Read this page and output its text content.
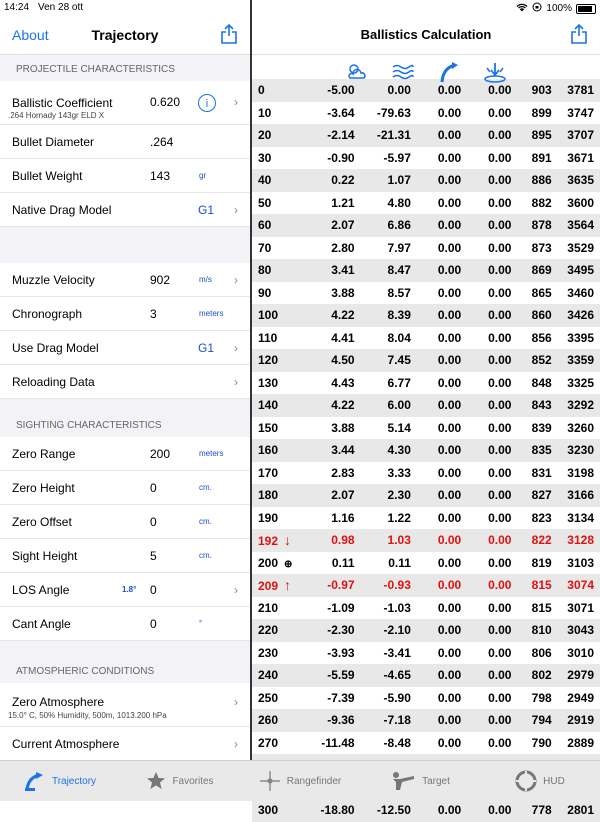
14:24 Ven 28 ott	100%
About	Trajectory
PROJECTILE CHARACTERISTICS
Ballistic Coefficient
.264 Hornady 143gr ELD X
0.620	i	›
Bullet Diameter	.264
Bullet Weight	143	gr
Native Drag Model	G1 ›
Muzzle Velocity	902	m/s ›
Chronograph	3	meters
Use Drag Model	G1 ›
Reloading Data	›
SIGHTING CHARACTERISTICS
Zero Range	200	meters
Zero Height	0	cm.
Zero Offset	0	cm.
Sight Height	5	cm.
LOS Angle	1.8° 0	›
Cant Angle	0	°
ATMOSPHERIC CONDITIONS
Zero Atmosphere
15.0° C, 50% Humidity, 500m, 1013.200 hPa
›
Current Atmosphere	›
Ballistics Calculation
0	-5.00	0.00	0.00	0.00	903	3781
10	-3.64	-79.63	0.00	0.00	899	3747
20	-2.14	-21.31	0.00	0.00	895	3707
30	-0.90	-5.97	0.00	0.00	891	3671
40	0.22	1.07	0.00	0.00	886	3635
50	1.21	4.80	0.00	0.00	882	3600
60	2.07	6.86	0.00	0.00	878	3564
70	2.80	7.97	0.00	0.00	873	3529
80	3.41	8.47	0.00	0.00	869	3495
90	3.88	8.57	0.00	0.00	865	3460
100	4.22	8.39	0.00	0.00	860	3426
110	4.41	8.04	0.00	0.00	856	3395
120	4.50	7.45	0.00	0.00	852	3359
130	4.43	6.77	0.00	0.00	848	3325
140	4.22	6.00	0.00	0.00	843	3292
150	3.88	5.14	0.00	0.00	839	3260
160	3.44	4.30	0.00	0.00	835	3230
170	2.83	3.33	0.00	0.00	831	3198
180	2.07	2.30	0.00	0.00	827	3166
190	1.16	1.22	0.00	0.00	823	3134
192 ↓	0.98	1.03	0.00	0.00	822	3128
200 ⊕	0.11	0.11	0.00	0.00	819	3103
209 ↑	-0.97	-0.93	0.00	0.00	815	3074
210	-1.09	-1.03	0.00	0.00	815	3071
220	-2.30	-2.10	0.00	0.00	810	3043
230	-3.93	-3.41	0.00	0.00	806	3010
240	-5.59	-4.65	0.00	0.00	802	2979
250	-7.39	-5.90	0.00	0.00	798	2949
260	-9.36	-7.18	0.00	0.00	794	2919
270	-11.48	-8.48	0.00	0.00	790	2889

300	-18.80	-12.50	0.00	0.00	778	2801
Trajectory	Favorites	Rangefinder	Target	HUD
